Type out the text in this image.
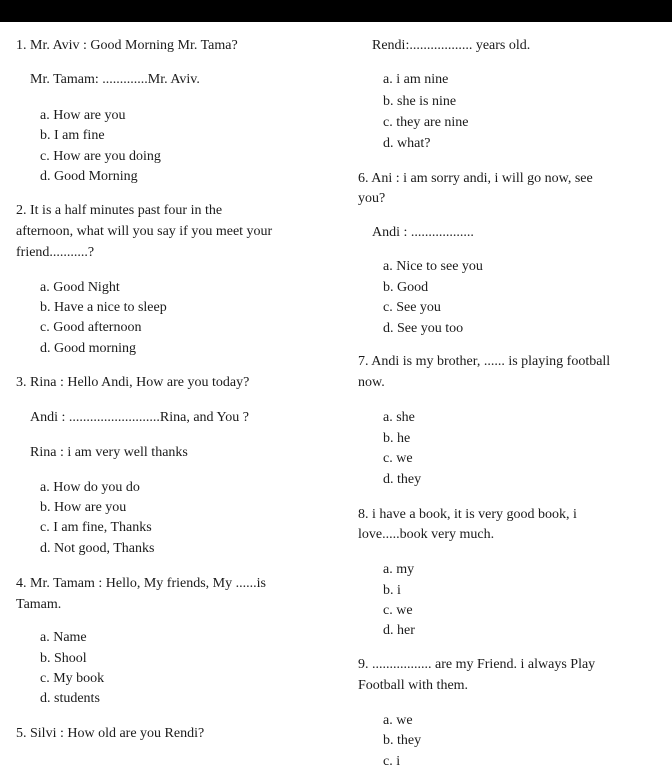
1. Mr. Aviv : Good Morning Mr. Tama?
Mr. Tamam: .............Mr. Aviv.
a. How are you
b. I am fine
c. How are you doing
d. Good Morning
2. It is a half minutes past four in the
afternoon, what will you say if you meet your
friend...........?
a. Good Night
b. Have a nice to sleep
c. Good afternoon
d. Good morning
3. Rina : Hello Andi, How are you today?
Andi : ..........................Rina, and You ?
Rina : i am very well thanks
a. How do you do
b. How are you
c. I am fine, Thanks
d. Not good, Thanks
4. Mr. Tamam : Hello, My friends, My ......is
Tamam.
a. Name
b. Shool
c. My book
d. students
5. Silvi : How old are you Rendi?
Rendi:.................. years old.
a. i am nine
b. she is nine
c. they are nine
d. what?
6. Ani : i am sorry andi, i will go now, see
you?
Andi : ..................
a. Nice to see you
b. Good
c. See you
d. See you too
7. Andi is my brother, ...... is playing football
now.
a. she
b. he
c. we
d. they
8. i have a book, it is very good book, i
love.....book very much.
a. my
b. i
c. we
d. her
9. ................. are my Friend. i always Play
Football with them.
a. we
b. they
c. i
